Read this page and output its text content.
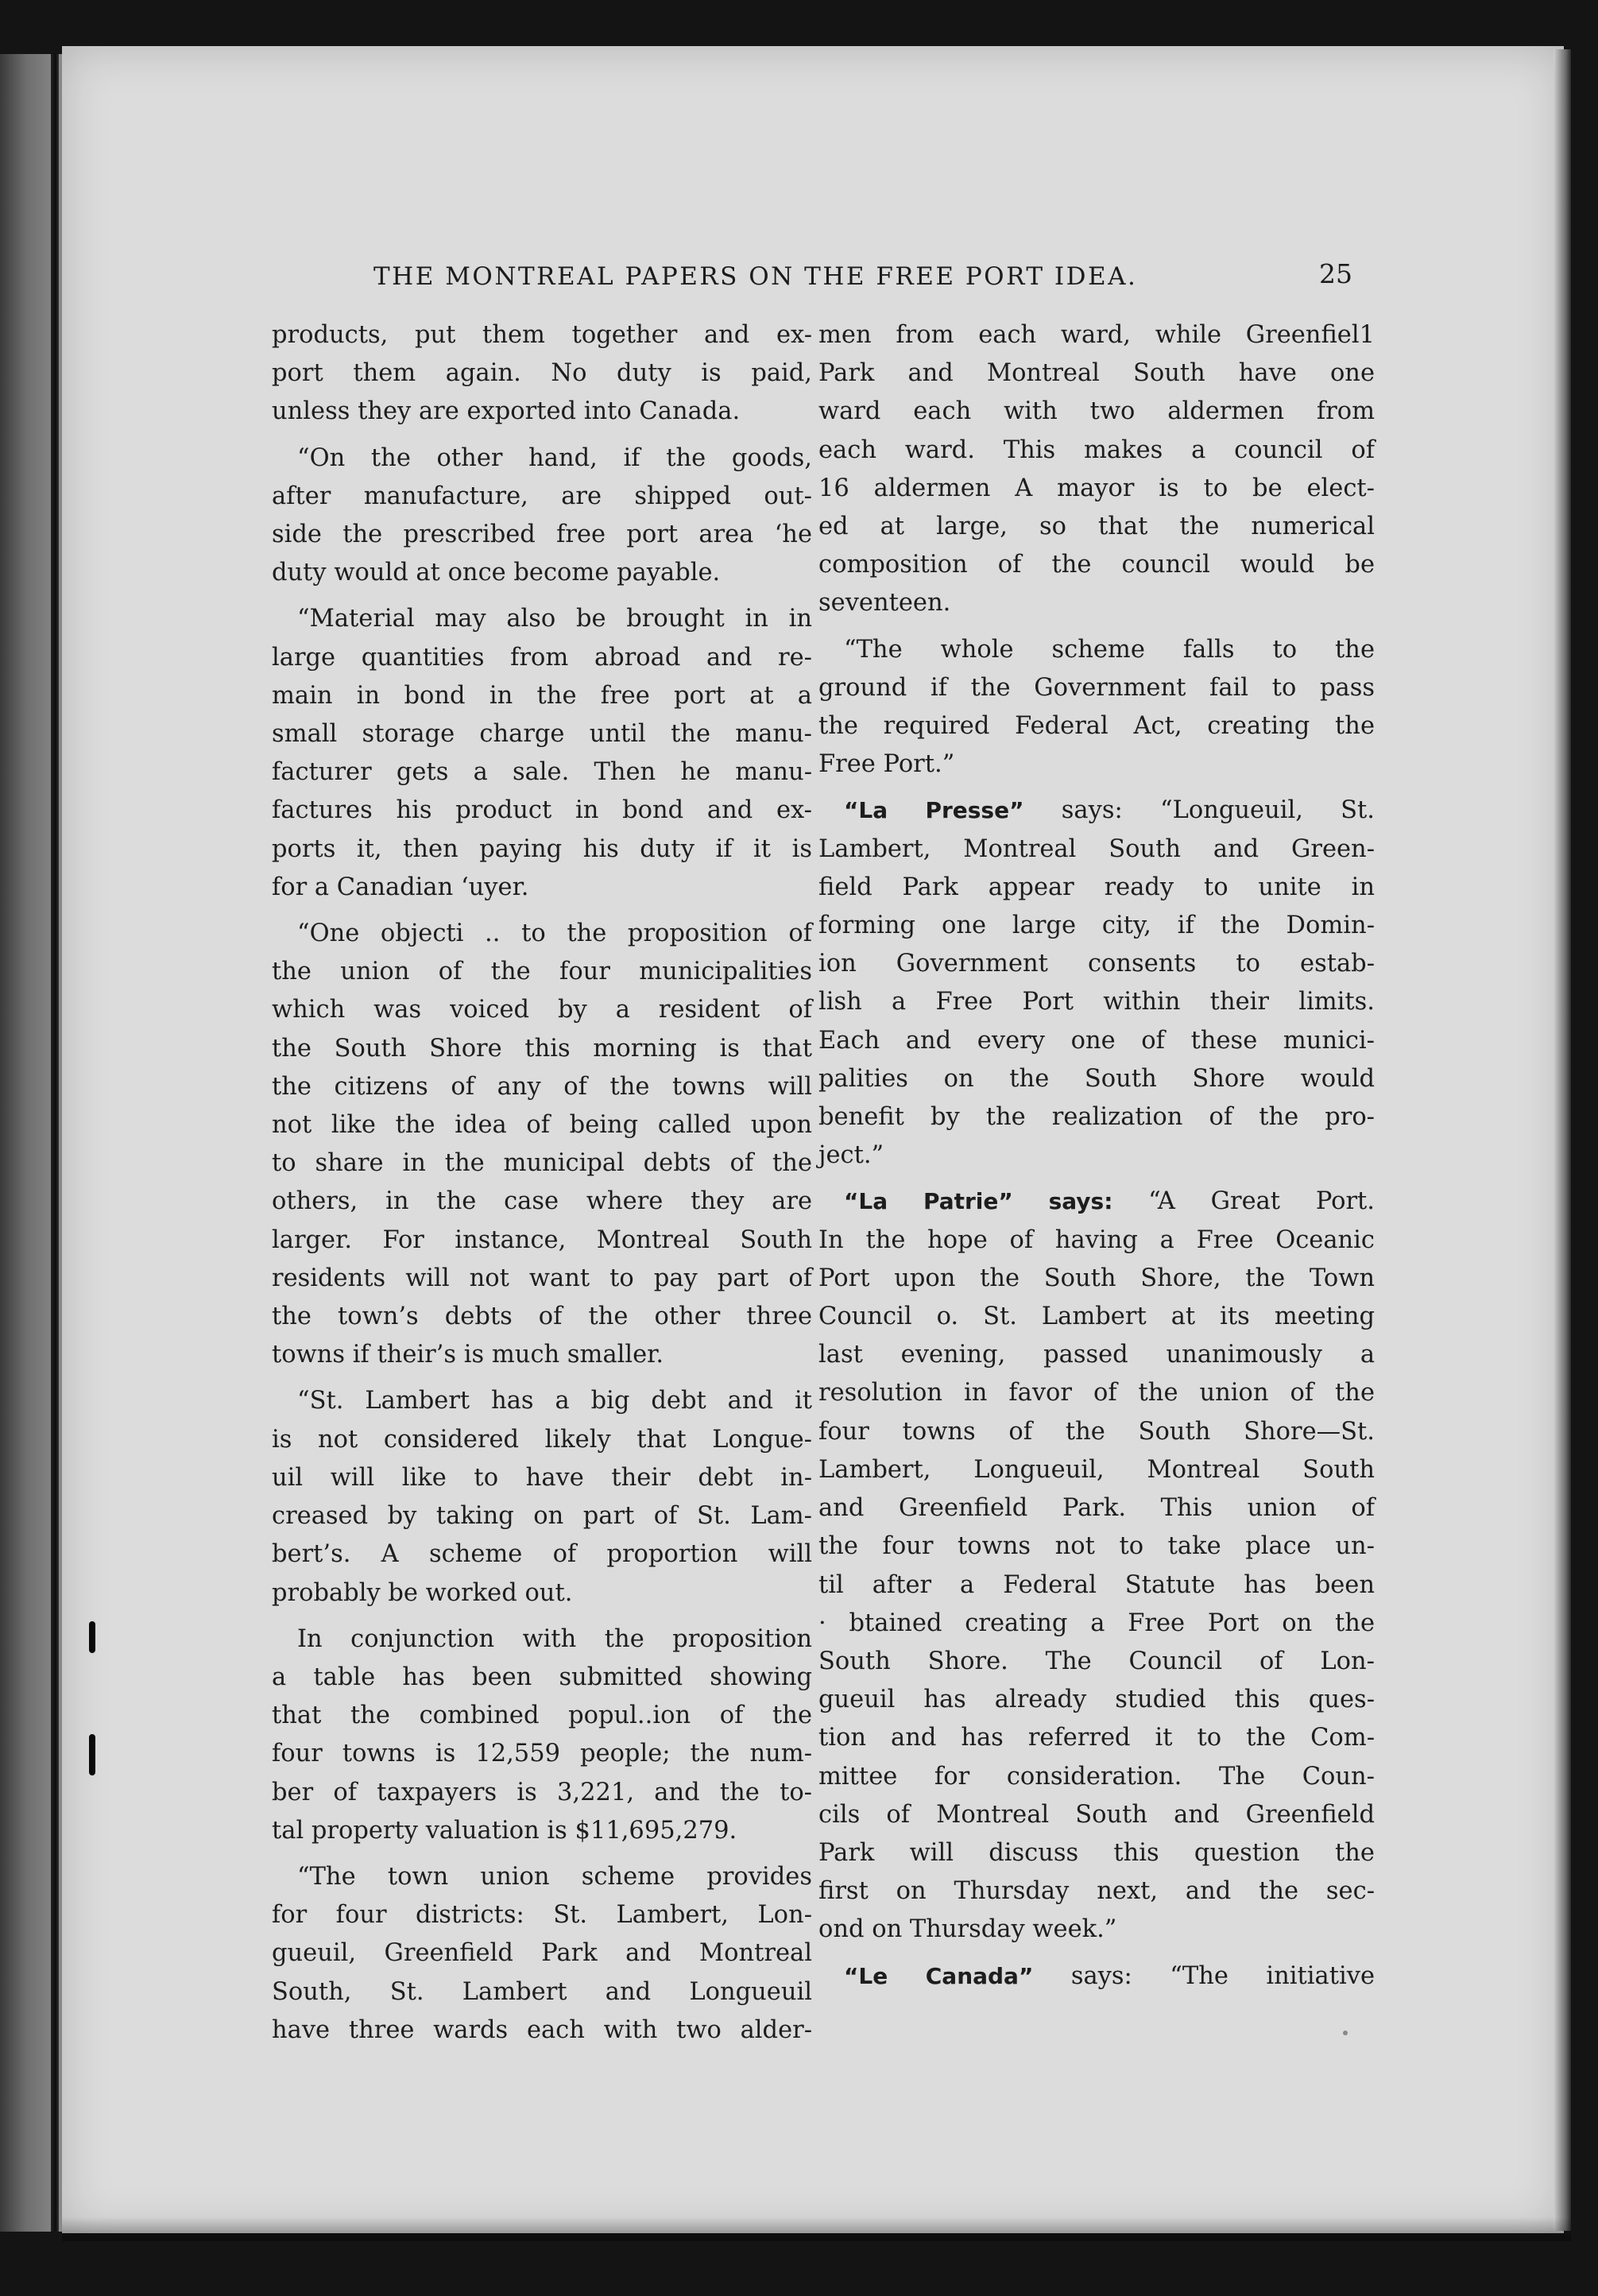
THE MONTREAL PAPERS ON THE FREE PORT IDEA.	25

products, put them together and ex-
port them again. No duty is paid,
unless they are exported into Canada.

“On the other hand, if the goods,
after manufacture, are shipped out-
side the prescribed free port area ‘he
duty would at once become payable.

“Material may also be brought in in
large quantities from abroad and re-
main in bond in the free port at a
small storage charge until the manu-
facturer gets a sale. Then he manu-
factures his product in bond and ex-
ports it, then paying his duty if it is
for a Canadian ‘uyer.

“One objecti .. to the proposition of
the union of the four municipalities
which was voiced by a resident of
the South Shore this morning is that
the citizens of any of the towns will
not like the idea of being called upon
to share in the municipal debts of the
others, in the case where they are
larger. For instance, Montreal South
residents will not want to pay part of
the town’s debts of the other three
towns if their’s is much smaller.

“St. Lambert has a big debt and it
is not considered likely that Longue-
uil will like to have their debt in-
creased by taking on part of St. Lam-
bert’s. A scheme of proportion will
probably be worked out.

In conjunction with the proposition
a table has been submitted showing
that the combined popul..ion of the
four towns is 12,559 people; the num-
ber of taxpayers is 3,221, and the to-
tal property valuation is $11,695,279.

“The town union scheme provides
for four districts: St. Lambert, Lon-
gueuil, Greenfield Park and Montreal
South, St. Lambert and Longueuil
have three wards each with two alder-

men from each ward, while Greenfiel1
Park and Montreal South have one
ward each with two aldermen from
each ward. This makes a council of
16 aldermen A mayor is to be elect-
ed at large, so that the numerical
composition of the council would be
seventeen.

“The whole scheme falls to the
ground if the Government fail to pass
the required Federal Act, creating the
Free Port.”

“La Presse” says: “Longueuil, St.
Lambert, Montreal South and Green-
field Park appear ready to unite in
forming one large city, if the Domin-
ion Government consents to estab-
lish a Free Port within their limits.
Each and every one of these munici-
palities on the South Shore would
benefit by the realization of the pro-
ject.”

“La Patrie” says: “A Great Port.
In the hope of having a Free Oceanic
Port upon the South Shore, the Town
Council o. St. Lambert at its meeting
last evening, passed unanimously a
resolution in favor of the union of the
four towns of the South Shore—St.
Lambert, Longueuil, Montreal South
and Greenfield Park. This union of
the four towns not to take place un-
til after a Federal Statute has been
· btained creating a Free Port on the
South Shore. The Council of Lon-
gueuil has already studied this ques-
tion and has referred it to the Com-
mittee for consideration. The Coun-
cils of Montreal South and Greenfield
Park will discuss this question the
first on Thursday next, and the sec-
ond on Thursday week.”

“Le Canada” says: “The initiative
